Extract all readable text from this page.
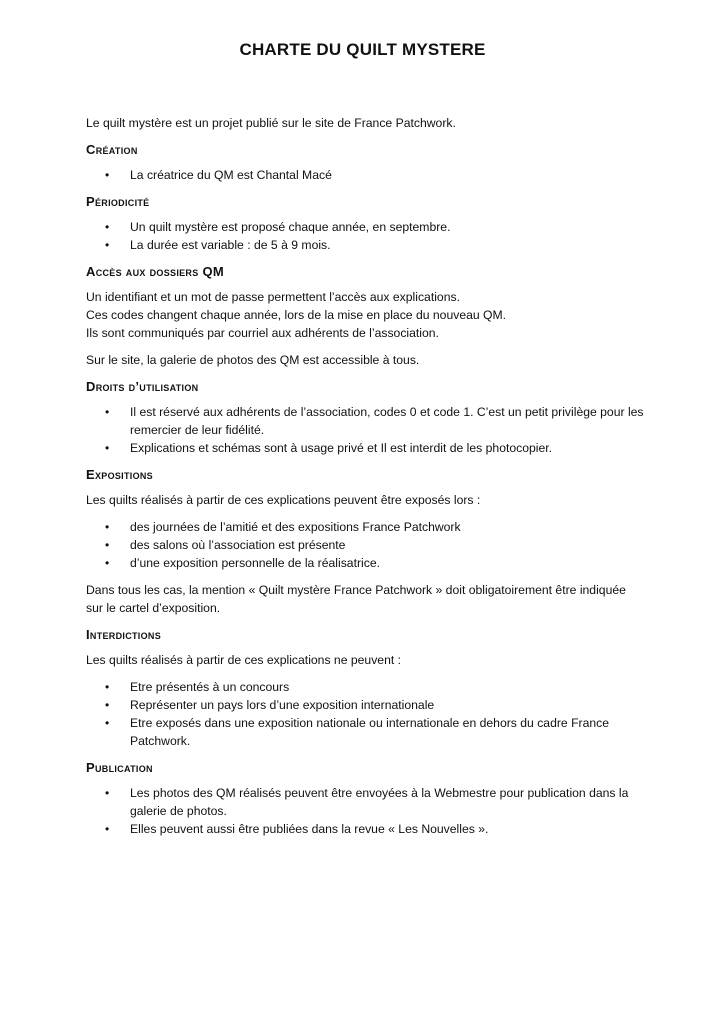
CHARTE DU QUILT MYSTERE

Le quilt mystère est un projet publié sur le site de France Patchwork.

Création
• La créatrice du QM est Chantal Macé
Périodicité
• Un quilt mystère est proposé chaque année, en septembre.
• La durée est variable : de 5 à 9 mois.
Accès aux dossiers QM

Un identifiant et un mot de passe permettent l’accès aux explications.

Ces codes changent chaque année, lors de la mise en place du nouveau QM.

Ils sont communiqués par courriel aux adhérents de l’association.

Sur le site, la galerie de photos des QM est accessible à tous.

Droits d’utilisation
• Il est réservé aux adhérents de l’association, codes 0 et code 1. C’est un petit privilège pour les remercier de leur fidélité.
• Explications et schémas sont à usage privé et Il est interdit de les photocopier.
Expositions

Les quilts réalisés à partir de ces explications peuvent être exposés lors :

• des journées de l’amitié et des expositions France Patchwork
• des salons où l’association est présente
• d’une exposition personnelle de la réalisatrice.

Dans tous les cas, la mention « Quilt mystère France Patchwork » doit obligatoirement être indiquée sur le cartel d’exposition.

Interdictions

Les quilts réalisés à partir de ces explications ne peuvent :

• Etre présentés à un concours
• Représenter un pays lors d’une exposition internationale
• Etre exposés dans une exposition nationale ou internationale en dehors du cadre France Patchwork.
Publication
• Les photos des QM réalisés peuvent être envoyées à la Webmestre pour publication dans la galerie de photos.
• Elles peuvent aussi être publiées dans la revue « Les Nouvelles ».
